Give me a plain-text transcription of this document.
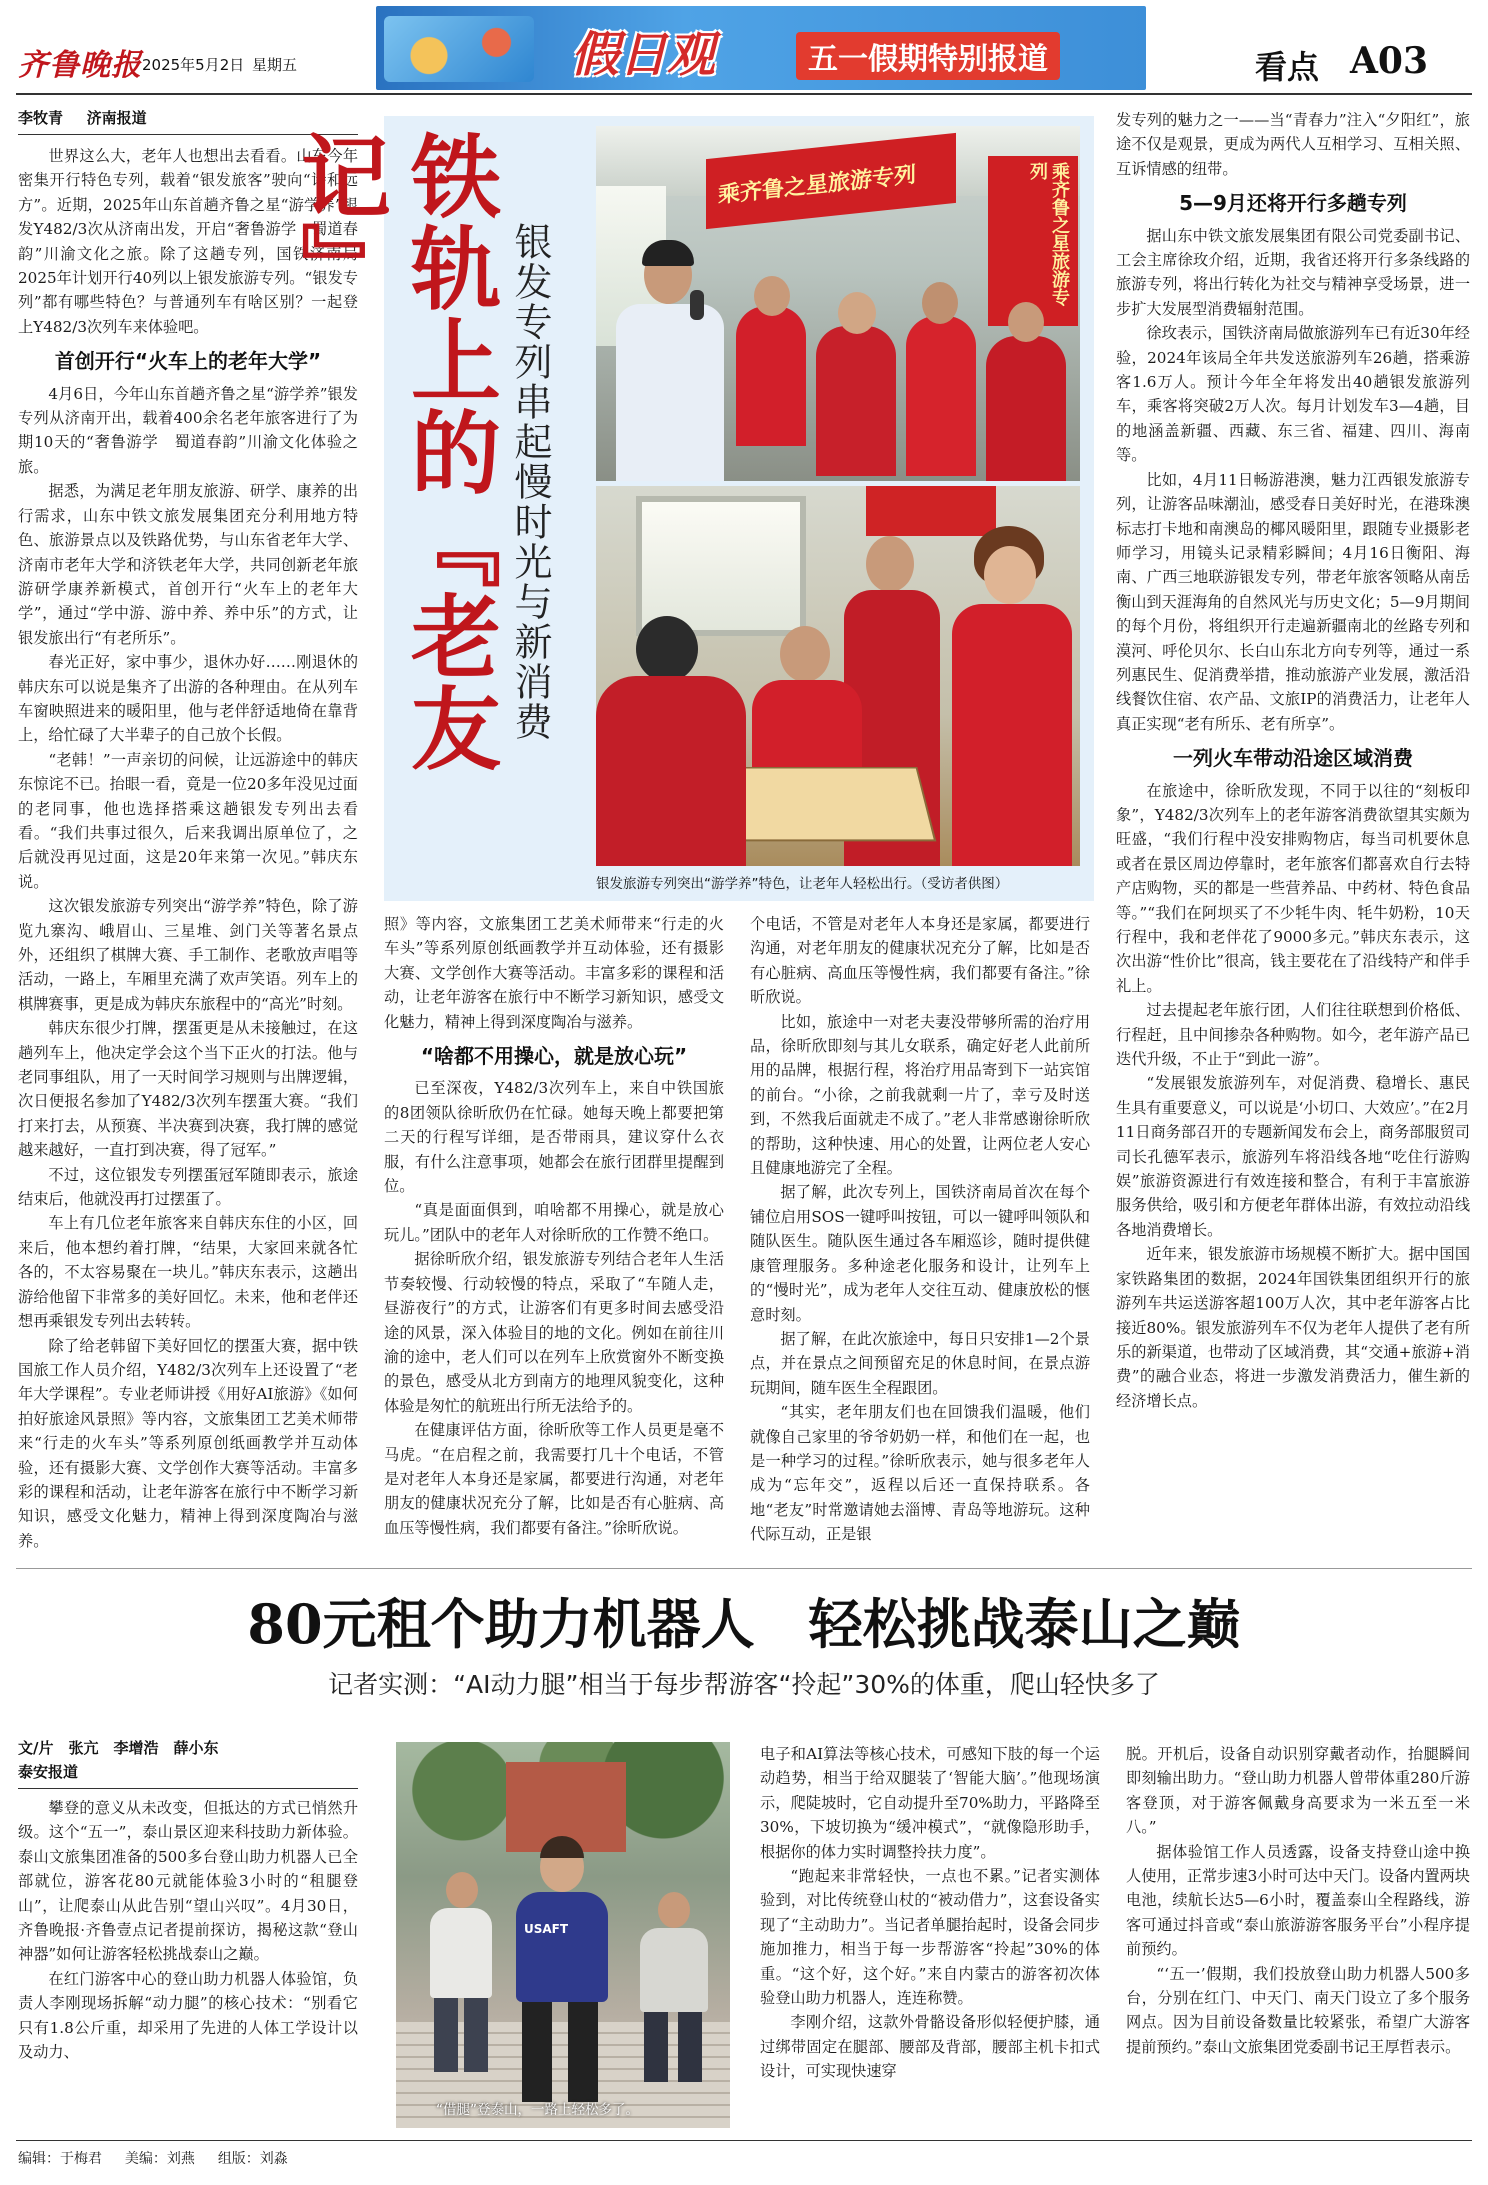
齐鲁晚报 2025年5月2日 星期五	假日观	五一假期特别报道	看点 A03
李牧青 济南报道

世界这么大，老年人也想出去看看。山东今年密集开行特色专列，载着“银发旅客”驶向“诗和远方”。近期，2025年山东首趟齐鲁之星“游学养”银发Y482/3次从济南出发，开启“奢鲁游学　蜀道春韵”川渝文化之旅。除了这趟专列，国铁济南局2025年计划开行40列以上银发旅游专列。“银发专列”都有哪些特色？与普通列车有啥区别？一起登上Y482/3次列车来体验吧。

首创开行“火车上的老年大学”

4月6日，今年山东首趟齐鲁之星“游学养”银发专列从济南开出，载着400余名老年旅客进行了为期10天的“奢鲁游学　蜀道春韵”川渝文化体验之旅。

据悉，为满足老年朋友旅游、研学、康养的出行需求，山东中铁文旅发展集团充分利用地方特色、旅游景点以及铁路优势，与山东省老年大学、济南市老年大学和济铁老年大学，共同创新老年旅游研学康养新模式，首创开行“火车上的老年大学”，通过“学中游、游中养、养中乐”的方式，让银发旅出行“有老所乐”。

春光正好，家中事少，退休办好……刚退休的韩庆东可以说是集齐了出游的各种理由。在从列车车窗映照进来的暖阳里，他与老伴舒适地倚在靠背上，给忙碌了大半辈子的自己放个长假。

“老韩！”一声亲切的问候，让远游途中的韩庆东惊诧不已。抬眼一看，竟是一位20多年没见过面的老同事，他也选择搭乘这趟银发专列出去看看。“我们共事过很久，后来我调出原单位了，之后就没再见过面，这是20年来第一次见。”韩庆东说。

这次银发旅游专列突出“游学养”特色，除了游览九寨沟、峨眉山、三星堆、剑门关等著名景点外，还组织了棋牌大赛、手工制作、老歌放声唱等活动，一路上，车厢里充满了欢声笑语。列车上的棋牌赛事，更是成为韩庆东旅程中的“高光”时刻。

韩庆东很少打牌，摆蛋更是从未接触过，在这趟列车上，他决定学会这个当下正火的打法。他与老同事组队，用了一天时间学习规则与出牌逻辑，次日便报名参加了Y482/3次列车摆蛋大赛。“我们打来打去，从预赛、半决赛到决赛，我打牌的感觉越来越好，一直打到决赛，得了冠军。”

不过，这位银发专列摆蛋冠军随即表示，旅途结束后，他就没再打过摆蛋了。

车上有几位老年旅客来自韩庆东住的小区，回来后，他本想约着打牌，“结果，大家回来就各忙各的，不太容易聚在一块儿。”韩庆东表示，这趟出游给他留下非常多的美好回忆。未来，他和老伴还想再乘银发专列出去转转。

除了给老韩留下美好回忆的摆蛋大赛，据中铁国旅工作人员介绍，Y482/3次列车上还设置了“老年大学课程”。专业老师讲授《用好AI旅游》《如何拍好旅途风景照》等内容，文旅集团工艺美术师带来“行走的火车头”等系列原创纸画教学并互动体验，还有摄影大赛、文学创作大赛等活动。丰富多彩的课程和活动，让老年游客在旅行中不断学习新知识，感受文化魅力，精神上得到深度陶冶与滋养。

铁轨上的『老友记』	银发专列串起慢时光与新消费
乘齐鲁之星旅游专列	乘齐鲁之星旅游专列
银发旅游专列突出“游学养”特色，让老年人轻松出行。（受访者供图）

照》等内容，文旅集团工艺美术师带来“行走的火车头”等系列原创纸画教学并互动体验，还有摄影大赛、文学创作大赛等活动。丰富多彩的课程和活动，让老年游客在旅行中不断学习新知识，感受文化魅力，精神上得到深度陶冶与滋养。

“啥都不用操心，就是放心玩”

已至深夜，Y482/3次列车上，来自中铁国旅的8团领队徐昕欣仍在忙碌。她每天晚上都要把第二天的行程写详细，是否带雨具，建议穿什么衣服，有什么注意事项，她都会在旅行团群里提醒到位。

“真是面面俱到，咱啥都不用操心，就是放心玩儿。”团队中的老年人对徐昕欣的工作赞不绝口。

据徐昕欣介绍，银发旅游专列结合老年人生活节奏较慢、行动较慢的特点，采取了“车随人走，昼游夜行”的方式，让游客们有更多时间去感受沿途的风景，深入体验目的地的文化。例如在前往川渝的途中，老人们可以在列车上欣赏窗外不断变换的景色，感受从北方到南方的地理风貌变化，这种体验是匆忙的航班出行所无法给予的。

在健康评估方面，徐昕欣等工作人员更是毫不马虎。“在启程之前，我需要打几十个电话，不管是对老年人本身还是家属，都要进行沟通，对老年朋友的健康状况充分了解，比如是否有心脏病、高血压等慢性病，我们都要有备注。”徐昕欣说。

个电话，不管是对老年人本身还是家属，都要进行沟通，对老年朋友的健康状况充分了解，比如是否有心脏病、高血压等慢性病，我们都要有备注。”徐昕欣说。

比如，旅途中一对老夫妻没带够所需的治疗用品，徐昕欣即刻与其儿女联系，确定好老人此前所用的品牌，根据行程，将治疗用品寄到下一站宾馆的前台。“小徐，之前我就剩一片了，幸亏及时送到，不然我后面就走不成了。”老人非常感谢徐昕欣的帮助，这种快速、用心的处置，让两位老人安心且健康地游完了全程。

据了解，此次专列上，国铁济南局首次在每个铺位启用SOS一键呼叫按钮，可以一键呼叫领队和随队医生。随队医生通过各车厢巡诊，随时提供健康管理服务。多种途老化服务和设计，让列车上的“慢时光”，成为老年人交往互动、健康放松的惬意时刻。

据了解，在此次旅途中，每日只安排1—2个景点，并在景点之间预留充足的休息时间，在景点游玩期间，随车医生全程跟团。

“其实，老年朋友们也在回馈我们温暖，他们就像自己家里的爷爷奶奶一样，和他们在一起，也是一种学习的过程。”徐昕欣表示，她与很多老年人成为“忘年交”，返程以后还一直保持联系。各地“老友”时常邀请她去淄博、青岛等地游玩。这种代际互动，正是银

发专列的魅力之一——当“青春力”注入“夕阳红”，旅途不仅是观景，更成为两代人互相学习、互相关照、互诉情感的纽带。

5—9月还将开行多趟专列

据山东中铁文旅发展集团有限公司党委副书记、工会主席徐玫介绍，近期，我省还将开行多条线路的旅游专列，将出行转化为社交与精神享受场景，进一步扩大发展型消费辐射范围。

徐玫表示，国铁济南局做旅游列车已有近30年经验，2024年该局全年共发送旅游列车26趟，搭乘游客1.6万人。预计今年全年将发出40趟银发旅游列车，乘客将突破2万人次。每月计划发车3—4趟，目的地涵盖新疆、西藏、东三省、福建、四川、海南等。

比如，4月11日畅游港澳，魅力江西银发旅游专列，让游客品味潮汕，感受春日美好时光，在港珠澳标志打卡地和南澳岛的椰风暖阳里，跟随专业摄影老师学习，用镜头记录精彩瞬间；4月16日衡阳、海南、广西三地联游银发专列，带老年旅客领略从南岳衡山到天涯海角的自然风光与历史文化；5—9月期间的每个月份，将组织开行走遍新疆南北的丝路专列和漠河、呼伦贝尔、长白山东北方向专列等，通过一系列惠民生、促消费举措，推动旅游产业发展，激活沿线餐饮住宿、农产品、文旅IP的消费活力，让老年人真正实现“老有所乐、老有所享”。

一列火车带动沿途区域消费

在旅途中，徐昕欣发现，不同于以往的“刻板印象”，Y482/3次列车上的老年游客消费欲望其实颇为旺盛，“我们行程中没安排购物店，每当司机要休息或者在景区周边停靠时，老年旅客们都喜欢自行去特产店购物，买的都是一些营养品、中药材、特色食品等。”“我们在阿坝买了不少牦牛肉、牦牛奶粉，10天行程中，我和老伴花了9000多元。”韩庆东表示，这次出游“性价比”很高，钱主要花在了沿线特产和伴手礼上。

过去提起老年旅行团，人们往往联想到价格低、行程赶，且中间掺杂各种购物。如今，老年游产品已迭代升级，不止于“到此一游”。

“发展银发旅游列车，对促消费、稳增长、惠民生具有重要意义，可以说是‘小切口、大效应’。”在2月11日商务部召开的专题新闻发布会上，商务部服贸司司长孔德军表示，旅游列车将沿线各地“吃住行游购娱”旅游资源进行有效连接和整合，有利于丰富旅游服务供给，吸引和方便老年群体出游，有效拉动沿线各地消费增长。

近年来，银发旅游市场规模不断扩大。据中国国家铁路集团的数据，2024年国铁集团组织开行的旅游列车共运送游客超100万人次，其中老年游客占比接近80%。银发旅游列车不仅为老年人提供了老有所乐的新渠道，也带动了区域消费，其“交通+旅游+消费”的融合业态，将进一步激发消费活力，催生新的经济增长点。

80元租个助力机器人　轻松挑战泰山之巅
记者实测：“AI动力腿”相当于每步帮游客“拎起”30%的体重，爬山轻快多了
文/片　张亢　李增浩　薛小东
泰安报道

攀登的意义从未改变，但抵达的方式已悄然升级。这个“五一”，泰山景区迎来科技助力新体验。泰山文旅集团准备的500多台登山助力机器人已全部就位，游客花80元就能体验3小时的“租腿登山”，让爬泰山从此告别“望山兴叹”。4月30日，齐鲁晚报·齐鲁壹点记者提前探访，揭秘这款“登山神器”如何让游客轻松挑战泰山之巅。

在红门游客中心的登山助力机器人体验馆，负责人李刚现场拆解“动力腿”的核心技术：“别看它只有1.8公斤重，却采用了先进的人体工学设计以及动力、

USAFT
“借腿”登泰山，一路上轻松多了。

电子和AI算法等核心技术，可感知下肢的每一个运动趋势，相当于给双腿装了‘智能大脑’。”他现场演示，爬陡坡时，它自动提升至70%助力，平路降至30%，下坡切换为“缓冲模式”，“就像隐形助手，根据你的体力实时调整拎扶力度”。

“跑起来非常轻快，一点也不累。”记者实测体验到，对比传统登山杖的“被动借力”，这套设备实现了“主动助力”。当记者单腿抬起时，设备会同步施加推力，相当于每一步帮游客“拎起”30%的体重。“这个好，这个好。”来自内蒙古的游客初次体验登山助力机器人，连连称赞。

李刚介绍，这款外骨骼设备形似轻便护膝，通过绑带固定在腿部、腰部及背部，腰部主机卡扣式设计，可实现快速穿

脱。开机后，设备自动识别穿戴者动作，抬腿瞬间即刻输出助力。“登山助力机器人曾带体重280斤游客登顶，对于游客佩戴身高要求为一米五至一米八。”

据体验馆工作人员透露，设备支持登山途中换人使用，正常步速3小时可达中天门。设备内置两块电池，续航长达5—6小时，覆盖泰山全程路线，游客可通过抖音或“泰山旅游游客服务平台”小程序提前预约。

“‘五一’假期，我们投放登山助力机器人500多台，分别在红门、中天门、南天门设立了多个服务网点。因为目前设备数量比较紧张，希望广大游客提前预约。”泰山文旅集团党委副书记王厚哲表示。

编辑：于梅君 美编：刘燕 组版：刘淼
